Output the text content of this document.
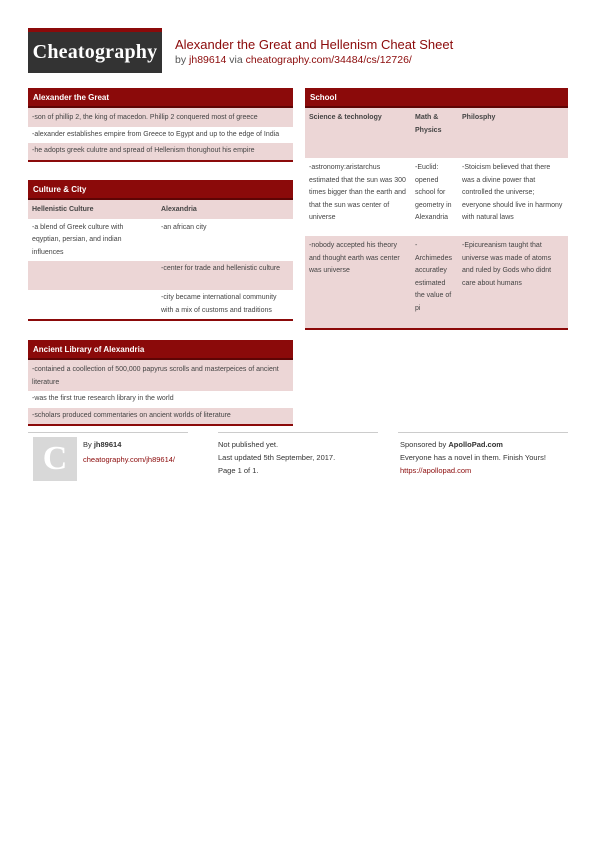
Cheatography Alexander the Great and Hellenism Cheat Sheet
by jh89614 via cheatography.com/34484/cs/12726/
Alexander the Great
-son of phillip 2, the king of macedon. Phillip 2 conquered most of greece
-alexander establishes empire from Greece to Egypt and up to the edge of India
-he adopts greek culutre and spread of Hellenism thorughout his empire
Culture & City
Hellenistic Culture	Alexandria
-a blend of Greek culture with eqyptian, persian, and indian influences
-an african city
-center for trade and hellenistic culture
-city became international community with a mix of customs and traditions
Ancient Library of Alexandria
-contained a coollection of 500,000 papyrus scrolls and masterpeices of ancient literature
-was the first true research library in the world
-scholars produced commentaries on ancient worlds of literature
School
Science & technology	Math & Physics
Philosphy
-astronomy:aristarchus estimated that the sun was 300 times bigger than the earth and that the sun was center of universe
-Euclid: opened school for geometry in Alexandria
-Stoicism believed that there was a divine power that controlled the universe; everyone should live in harmony with natural laws
-nobody accepted his theory and thought earth was center was universe
-Archimedes accuratley estimated the value of pi
-Epicureanism taught that universe was made of atoms and ruled by Gods who didnt care about humans
C By jh89614
cheatography.com/jh89614/
Not published yet.
Last updated 5th September, 2017.
Page 1 of 1.
Sponsored by ApolloPad.com
Everyone has a novel in them. Finish Yours!
https://apollopad.com
